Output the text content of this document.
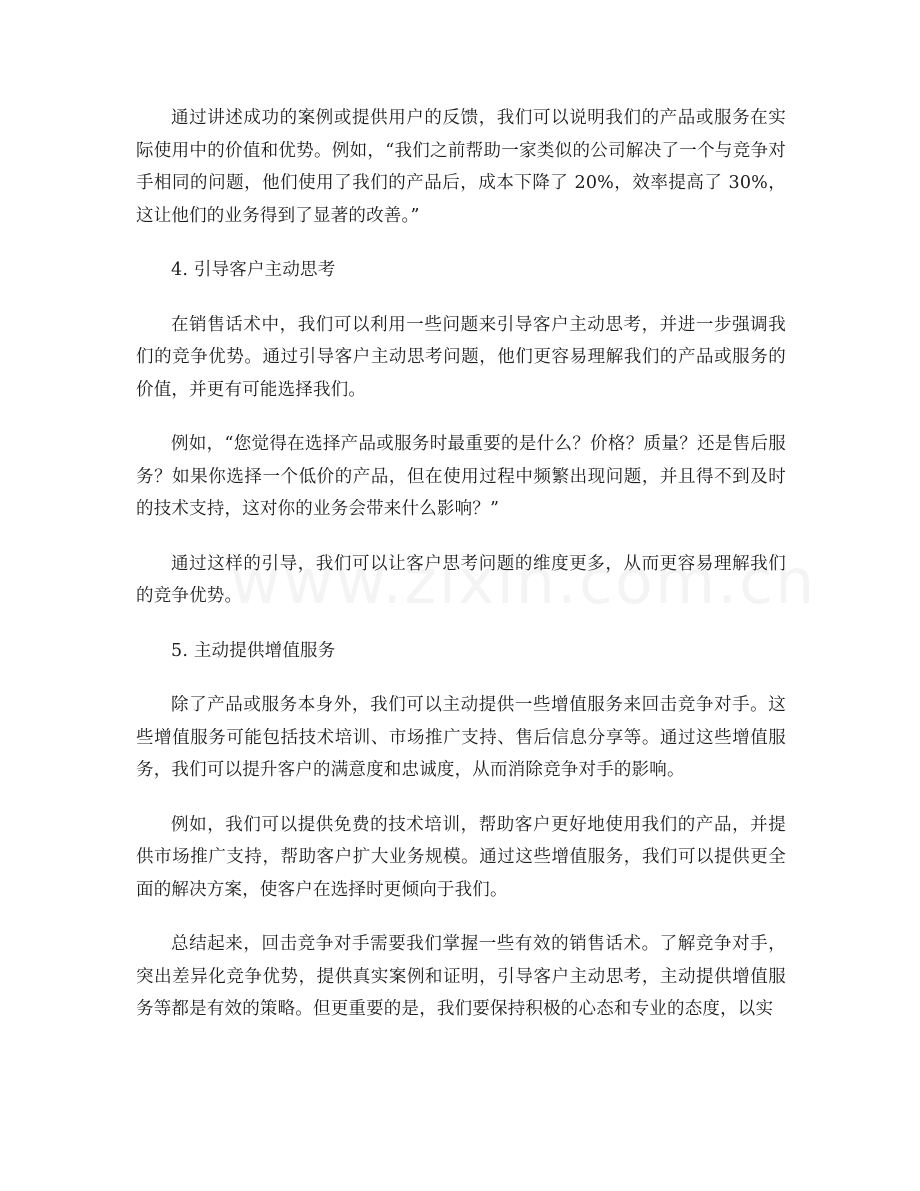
通过讲述成功的案例或提供用户的反馈，我们可以说明我们的产品或服务在实际使用中的价值和优势。例如，“我们之前帮助一家类似的公司解决了一个与竞争对手相同的问题，他们使用了我们的产品后，成本下降了 20%，效率提高了 30%，这让他们的业务得到了显著的改善。”

4. 引导客户主动思考

在销售话术中，我们可以利用一些问题来引导客户主动思考，并进一步强调我们的竞争优势。通过引导客户主动思考问题，他们更容易理解我们的产品或服务的价值，并更有可能选择我们。

例如，“您觉得在选择产品或服务时最重要的是什么？价格？质量？还是售后服务？如果你选择一个低价的产品，但在使用过程中频繁出现问题，并且得不到及时的技术支持，这对你的业务会带来什么影响？”

通过这样的引导，我们可以让客户思考问题的维度更多，从而更容易理解我们的竞争优势。

5. 主动提供增值服务

除了产品或服务本身外，我们可以主动提供一些增值服务来回击竞争对手。这些增值服务可能包括技术培训、市场推广支持、售后信息分享等。通过这些增值服务，我们可以提升客户的满意度和忠诚度，从而消除竞争对手的影响。

例如，我们可以提供免费的技术培训，帮助客户更好地使用我们的产品，并提供市场推广支持，帮助客户扩大业务规模。通过这些增值服务，我们可以提供更全面的解决方案，使客户在选择时更倾向于我们。

总结起来，回击竞争对手需要我们掌握一些有效的销售话术。了解竞争对手，突出差异化竞争优势，提供真实案例和证明，引导客户主动思考，主动提供增值服务等都是有效的策略。但更重要的是，我们要保持积极的心态和专业的态度，以实
